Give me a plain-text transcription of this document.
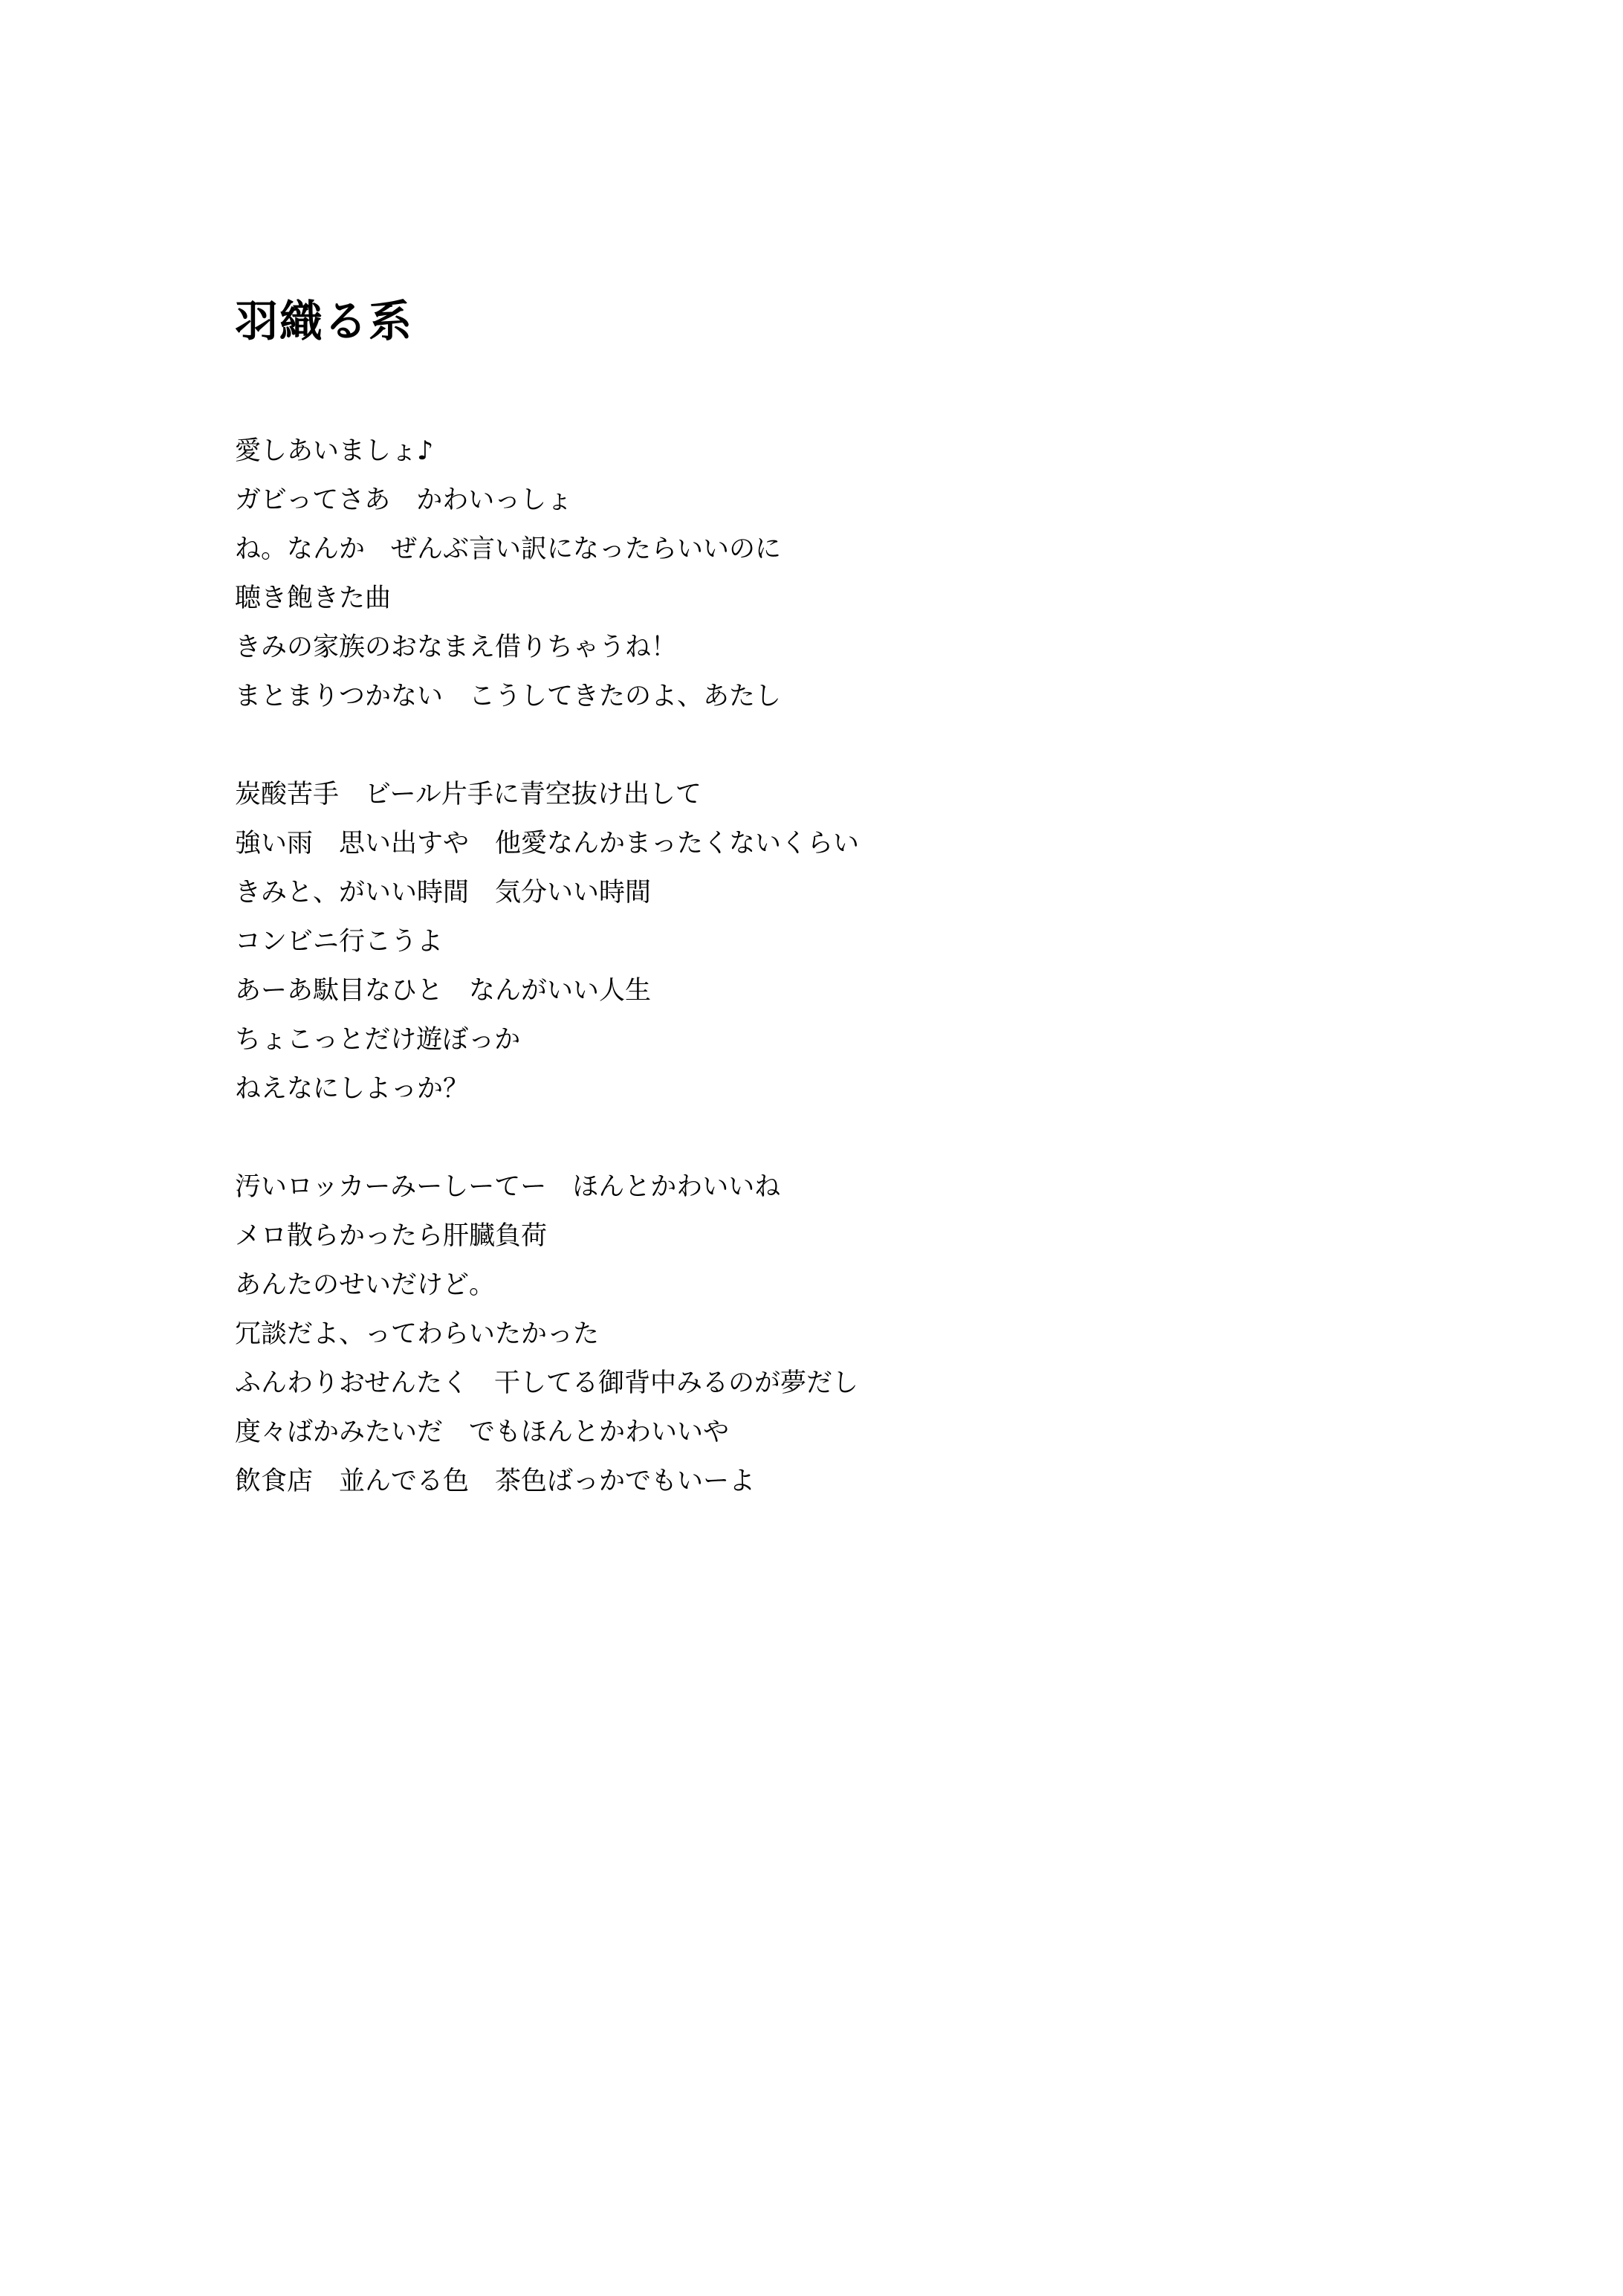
羽織る系
愛しあいましょ♪
ガビってさあ　かわいっしょ
ね。なんか　ぜんぶ言い訳になったらいいのに
聴き飽きた曲
きみの家族のおなまえ借りちゃうね！
まとまりつかない　こうしてきたのよ、あたし
炭酸苦手　ビール片手に青空抜け出して
強い雨　思い出すや　他愛なんかまったくないくらい
きみと、がいい時間　気分いい時間
コンビニ行こうよ
あーあ駄目なひと　なんがいい人生
ちょこっとだけ遊ぼっか
ねえなにしよっか？
汚いロッカーみーしーてー　ほんとかわいいね
メロ散らかったら肝臓負荷
あんたのせいだけど。
冗談だよ、ってわらいたかった
ふんわりおせんたく　干してる御背中みるのが夢だし
度々ばかみたいだ　でもほんとかわいいや
飲食店　並んでる色　茶色ばっかでもいーよ
